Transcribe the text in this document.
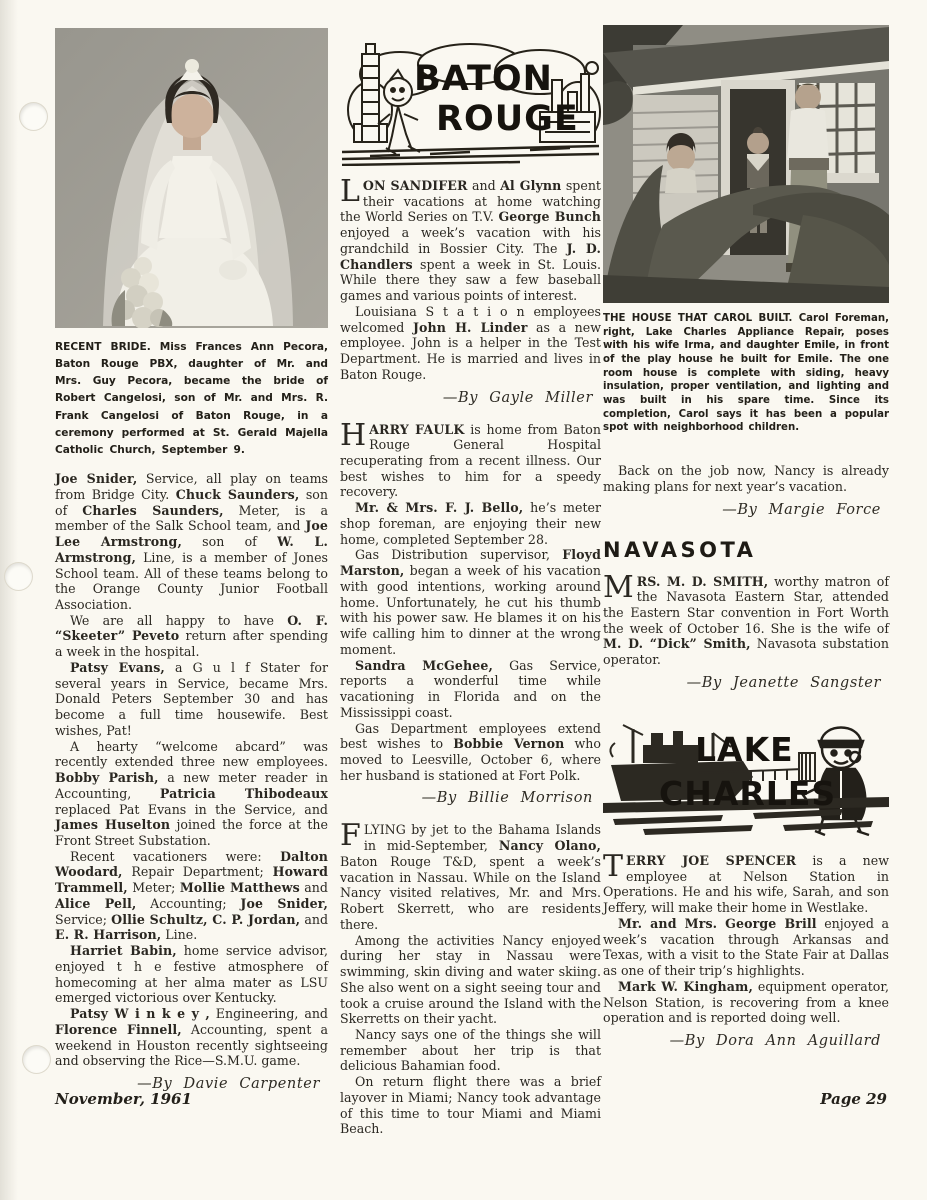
RECENT BRIDE. Miss Frances Ann Pecora, Baton Rouge PBX, daughter of Mr. and Mrs. Guy Pecora, became the bride of Robert Cangelosi, son of Mr. and Mrs. R. Frank Cangelosi of Baton Rouge, in a ceremony performed at St. Gerald Majella Catholic Church, September 9.

Joe Snider, Service, all play on teams from Bridge City. Chuck Saunders, son of Charles Saunders, Meter, is a member of the Salk School team, and Joe Lee Armstrong, son of W. L. Armstrong, Line, is a member of Jones School team. All of these teams belong to the Orange County Junior Football Association.

We are all happy to have O. F. “Skeeter” Peveto return after spending a week in the hospital.

Patsy Evans, a G u l f Stater for several years in Service, became Mrs. Donald Peters September 30 and has become a full time housewife. Best wishes, Pat!

A hearty “welcome abcard” was recently extended three new employees. Bobby Parish, a new meter reader in Accounting, Patricia Thibodeaux replaced Pat Evans in the Service, and James Huselton joined the force at the Front Street Substation.

Recent vacationers were: Dalton Woodard, Repair Department; Howard Trammell, Meter; Mollie Matthews and Alice Pell, Accounting; Joe Snider, Service; Ollie Schultz, C. P. Jordan, and E. R. Harrison, Line.

Harriet Babin, home service advisor, enjoyed t h e festive atmosphere of homecoming at her alma mater as LSU emerged victorious over Kentucky.

Patsy W i n k e y , Engineering, and Florence Finnell, Accounting, spent a weekend in Houston recently sightseeing and observing the Rice—S.M.U. game.

—By Davie Carpenter
BATON
ROUGE

LON SANDIFER and Al Glynn spent their vacations at home watching the World Series on T.V. George Bunch enjoyed a week’s vacation with his grandchild in Bossier City. The J. D. Chandlers spent a week in St. Louis. While there they saw a few baseball games and various points of interest.

Louisiana S t a t i o n employees welcomed John H. Linder as a new employee. John is a helper in the Test Department. He is married and lives in Baton Rouge.

—By Gayle Miller

HARRY FAULK is home from Baton Rouge General Hospital recuperating from a recent illness. Our best wishes to him for a speedy recovery.

Mr. & Mrs. F. J. Bello, he’s meter shop foreman, are enjoying their new home, completed September 28.

Gas Distribution supervisor, Floyd Marston, began a week of his vacation with good intentions, working around home. Unfortunately, he cut his thumb with his power saw. He blames it on his wife calling him to dinner at the wrong moment.

Sandra McGehee, Gas Service, reports a wonderful time while vacationing in Florida and on the Mississippi coast.

Gas Department employees extend best wishes to Bobbie Vernon who moved to Leesville, October 6, where her husband is stationed at Fort Polk.

—By Billie Morrison

FLYING by jet to the Bahama Islands in mid-September, Nancy Olano, Baton Rouge T&D, spent a week’s vacation in Nassau. While on the Island Nancy visited relatives, Mr. and Mrs. Robert Skerrett, who are residents there.

Among the activities Nancy enjoyed during her stay in Nassau were swimming, skin diving and water skiing. She also went on a sight seeing tour and took a cruise around the Island with the Skerretts on their yacht.

Nancy says one of the things she will remember about her trip is that delicious Bahamian food.

On return flight there was a brief layover in Miami; Nancy took advantage of this time to tour Miami and Miami Beach.

THE HOUSE THAT CAROL BUILT. Carol Foreman, right, Lake Charles Appliance Repair, poses with his wife Irma, and daughter Emile, in front of the play house he built for Emile. The one room house is complete with siding, heavy insulation, proper ventilation, and lighting and was built in his spare time. Since its completion, Carol says it has been a popular spot with neighborhood children.

Back on the job now, Nancy is already making plans for next year’s vacation.

—By Margie Force
NAVASOTA

MRS. M. D. SMITH, worthy matron of the Navasota Eastern Star, attended the Eastern Star convention in Fort Worth the week of October 16. She is the wife of M. D. “Dick” Smith, Navasota substation operator.

—By Jeanette Sangster
LAKE
CHARLES

TERRY JOE SPENCER is a new employee at Nelson Station in Operations. He and his wife, Sarah, and son Jeffery, will make their home in Westlake.

Mr. and Mrs. George Brill enjoyed a week’s vacation through Arkansas and Texas, with a visit to the State Fair at Dallas as one of their trip’s highlights.

Mark W. Kingham, equipment operator, Nelson Station, is recovering from a knee operation and is reported doing well.

—By Dora Ann Aguillard
November, 1961	Page 29
